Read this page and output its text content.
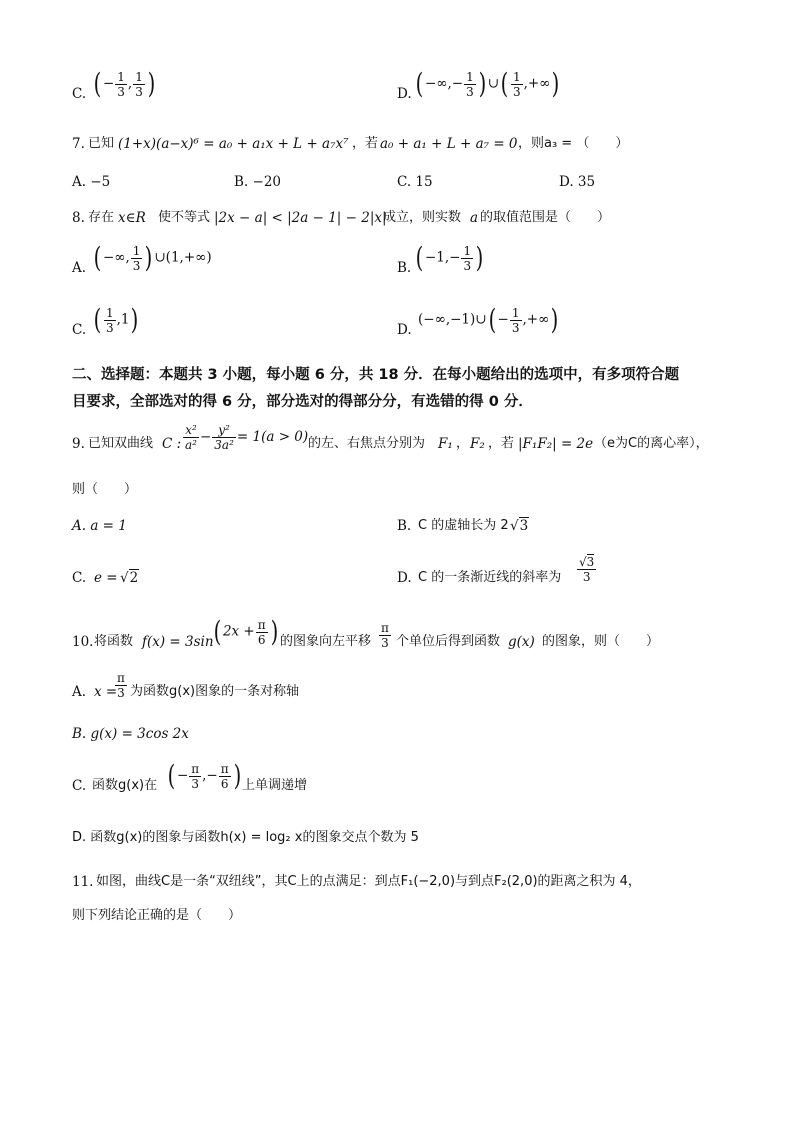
C. ( − $\frac{1}{3}$ , $\frac{1}{3}$ )	D. ( −∞,− $\frac{1}{3}$ ) ∪( $\frac{1}{3}$ ,+∞)
7. 已知 (1+x)(a−x)⁶ = a₀ + a₁x + L + a₇x⁷ ，若 a₀ + a₁ + L + a₇ = 0 ，则a₃ = （　　）
A. −5	B. −20	C. 15	D. 35
8. 存在 x∈R 使不等式 |2x − a| < |2a − 1| − 2|x|
成立，则实数 a 的取值范围是（　　）
A. ( −∞, $\frac{1}{3}$ ) ∪(1,+∞)
B. ( $-1,- \frac{1}{3}$ )
C. ( $\frac{1}{3} ,1$)	D.
(−∞,−1)∪( − $\frac{1}{3}$ ,+∞)
二、选择题：本题共 3 小题，每小题 6 分，共 18 分．在每小题给出的选项中，有多项符合题
目要求，全部选对的得 6 分，部分选对的得部分分，有选错的得 0 分．
9. 已知双曲线 C : $\frac{\text{x²}}{\text{a²}} - \frac{\text{y²}}{\text{3a²}} = 1(a > 0)$ 的左、右焦点分别为 F₁ ， F₂ ，若 |F₁F₂| = 2e （e为C的离心率），
则（　　）
A. a = 1	B. C 的虚轴长为 2 √3
C. e = √2	D. C 的一条渐近线的斜率为 $\frac{√3}{3}$
10. 将函数 f(x) = 3sin ( $2x + \frac{\pi}{6}$ ) 的图象向左平移 $\frac{\pi}{3}$ 个单位后得到函数 g(x) 的图象，则（　　）
A. x =
$\frac{\pi}{3}$ 为函数g(x)图象的一条对称轴
B. g(x) = 3cos 2x
C. 函数g(x)在 ( − $\frac{\pi}{3}$ ,− $\frac{\pi}{6}$ ) 上单调递增
D. 函数g(x)的图象与函数h(x) = log₂ x的图象交点个数为 5
11. 如图，曲线C是一条“双纽线”，其C上的点满足：到点F₁(−2,0)与到点F₂(2,0)的距离之积为 4，
则下列结论正确的是（　　）
